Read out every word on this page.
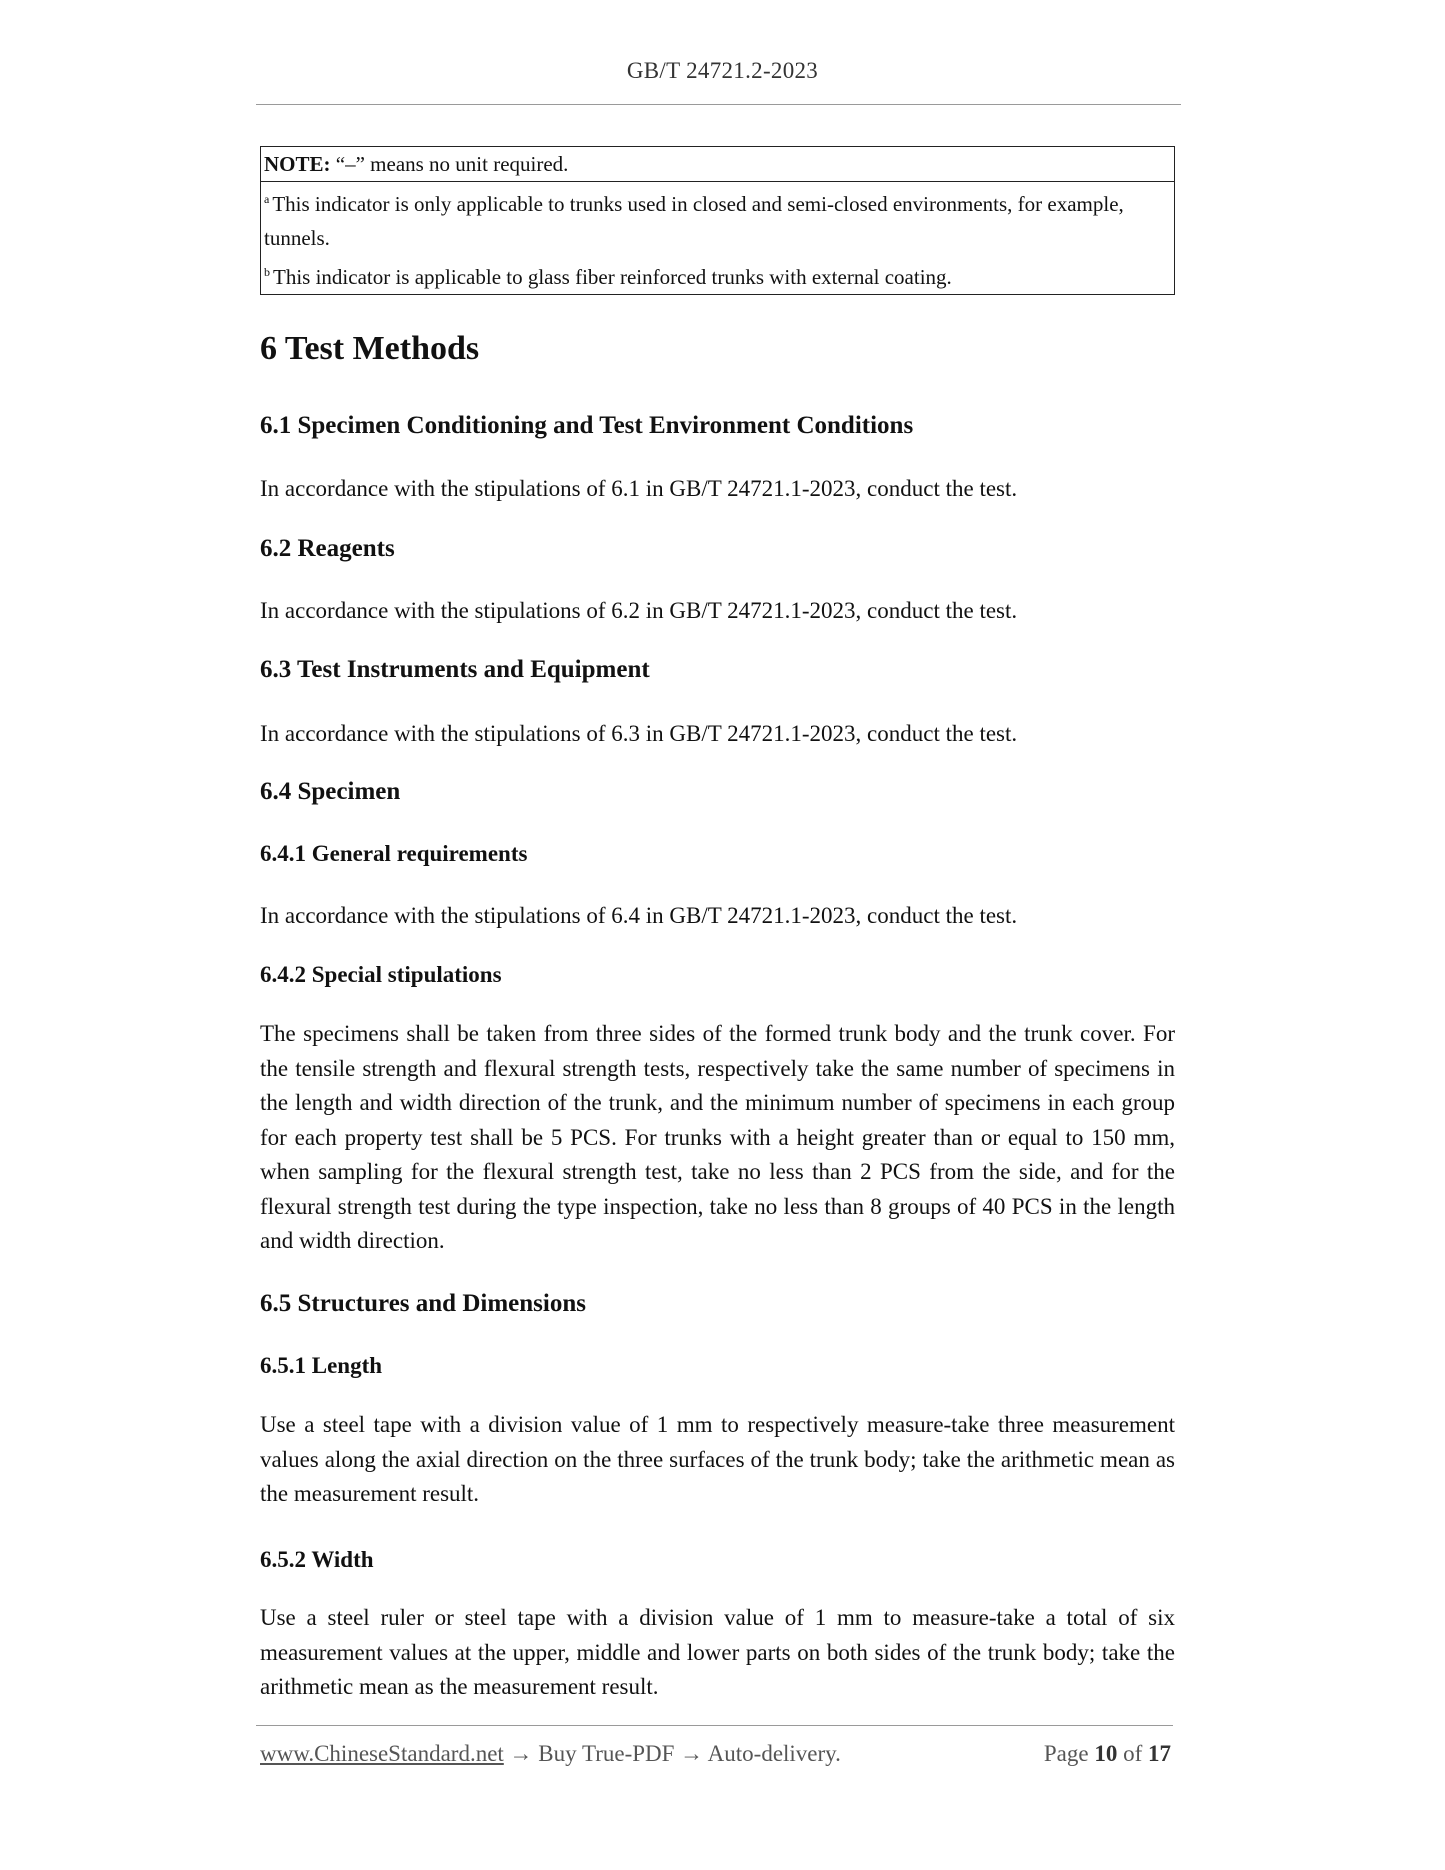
GB/T 24721.2-2023
NOTE: “–” means no unit required.
$^a$ This indicator is only applicable to trunks used in closed and semi-closed environments, for example, tunnels.
$^b$ This indicator is applicable to glass fiber reinforced trunks with external coating.
6 Test Methods
6.1 Specimen Conditioning and Test Environment Conditions
In accordance with the stipulations of 6.1 in GB/T 24721.1-2023, conduct the test.
6.2 Reagents
In accordance with the stipulations of 6.2 in GB/T 24721.1-2023, conduct the test.
6.3 Test Instruments and Equipment
In accordance with the stipulations of 6.3 in GB/T 24721.1-2023, conduct the test.
6.4 Specimen
6.4.1 General requirements
In accordance with the stipulations of 6.4 in GB/T 24721.1-2023, conduct the test.
6.4.2 Special stipulations
The specimens shall be taken from three sides of the formed trunk body and the trunk cover. For the tensile strength and flexural strength tests, respectively take the same number of specimens in the length and width direction of the trunk, and the minimum number of specimens in each group for each property test shall be 5 PCS. For trunks with a height greater than or equal to 150 mm, when sampling for the flexural strength test, take no less than 2 PCS from the side, and for the flexural strength test during the type inspection, take no less than 8 groups of 40 PCS in the length and width direction.
6.5 Structures and Dimensions
6.5.1 Length
Use a steel tape with a division value of 1 mm to respectively measure-take three measurement values along the axial direction on the three surfaces of the trunk body; take the arithmetic mean as the measurement result.
6.5.2 Width
Use a steel ruler or steel tape with a division value of 1 mm to measure-take a total of six measurement values at the upper, middle and lower parts on both sides of the trunk body; take the arithmetic mean as the measurement result.
www.ChineseStandard.net → Buy True-PDF → Auto-delivery.	Page 10 of 17
